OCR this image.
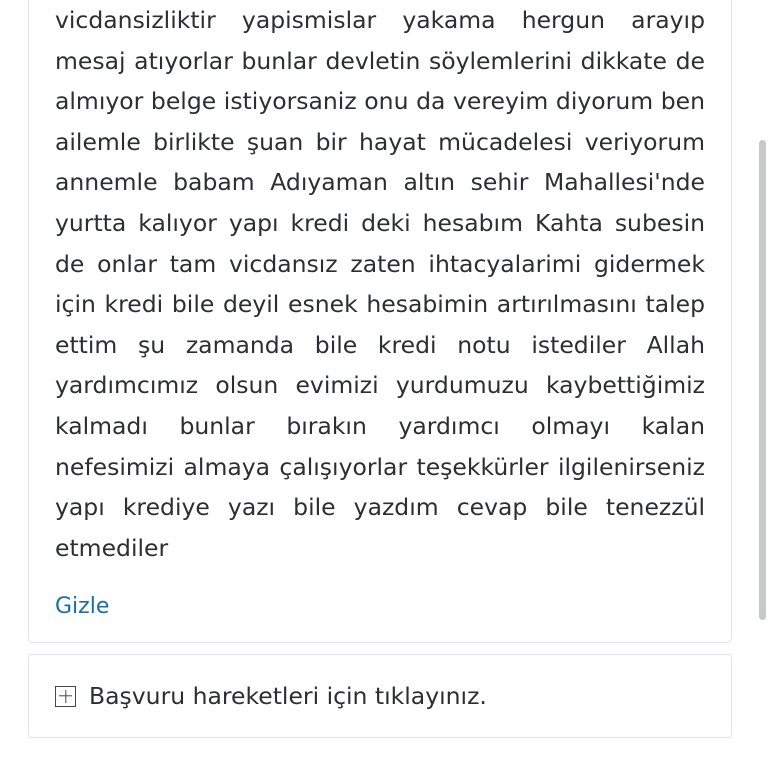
vicdansizliktir yapismislar yakama hergun arayıp mesaj atıyorlar bunlar devletin söylemlerini dikkate de almıyor belge istiyorsaniz onu da vereyim diyorum ben ailemle birlikte şuan bir hayat mücadelesi veriyorum annemle babam Adıyaman altın sehir Mahallesi'nde yurtta kalıyor yapı kredi deki hesabım Kahta subesin de onlar tam vicdansız zaten ihtacyalarimi gidermek için kredi bile deyil esnek hesabimin artırılmasını talep ettim şu zamanda bile kredi notu istediler Allah yardımcımız olsun evimizi yurdumuzu kaybettiğimiz kalmadı bunlar bırakın yardımcı olmayı kalan nefesimizi almaya çalışıyorlar teşekkürler ilgilenirseniz yapı krediye yazı bile yazdım cevap bile tenezzül etmediler

Gizle
Başvuru hareketleri için tıklayınız.
